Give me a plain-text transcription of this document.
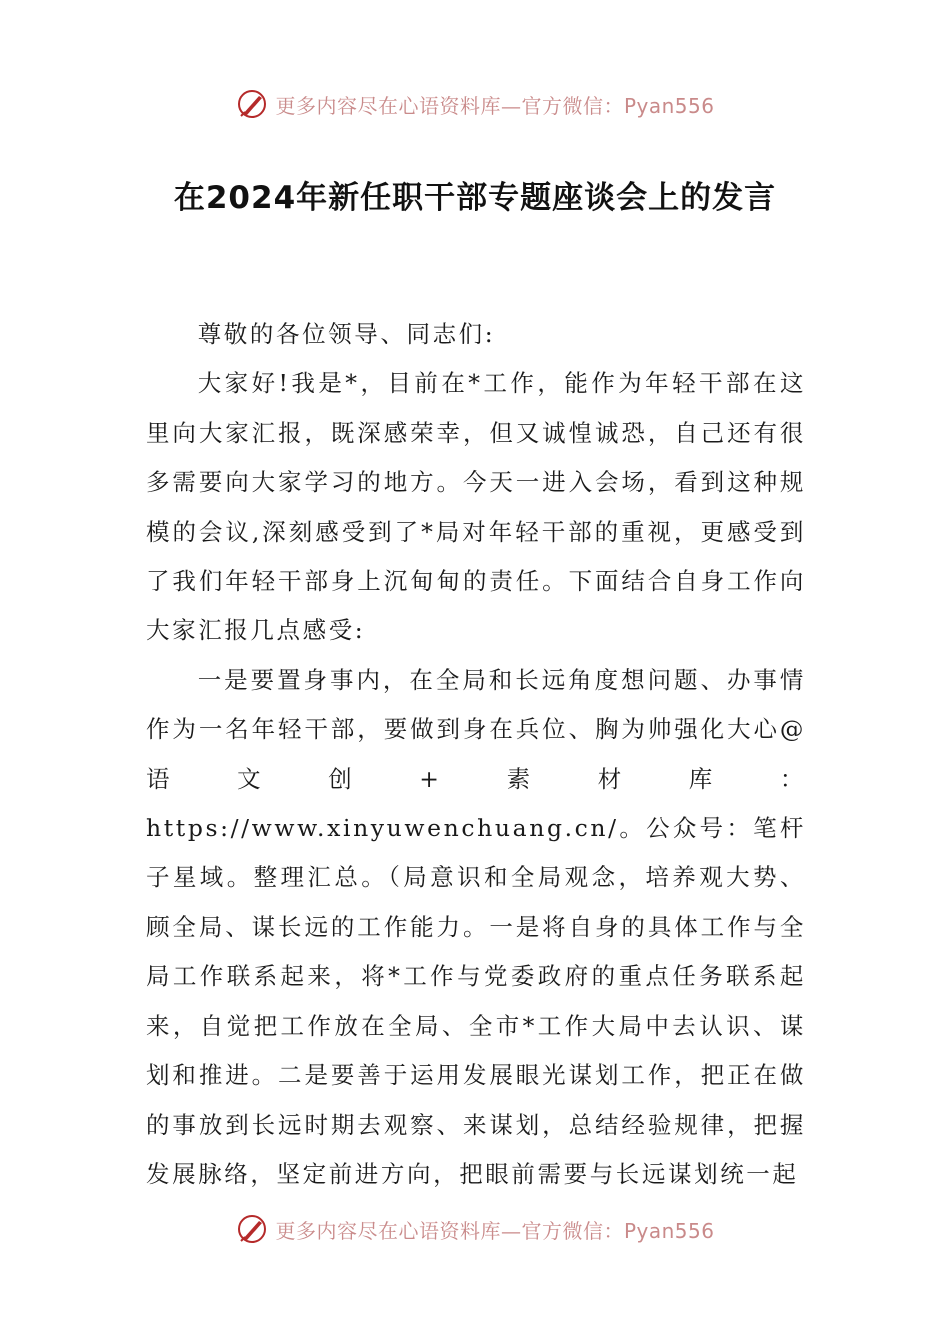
更多内容尽在心语资料库—官方微信：Pyan556
在2024年新任职干部专题座谈会上的发言

尊敬的各位领导、同志们:

大家好!我是*，目前在*工作，能作为年轻干部在这里向大家汇报，既深感荣幸，但又诚惶诚恐，自己还有很多需要向大家学习的地方。今天一进入会场，看到这种规模的会议,深刻感受到了*局对年轻干部的重视，更感受到了我们年轻干部身上沉甸甸的责任。下面结合自身工作向大家汇报几点感受:

一是要置身事内，在全局和长远角度想问题、办事情作为一名年轻干部，要做到身在兵位、胸为帅强化大心@语文创+素材库：https://www.xinyuwenchuang.cn/。公众号：笔杆子星域。整理汇总。（局意识和全局观念，培养观大势、顾全局、谋长远的工作能力。一是将自身的具体工作与全局工作联系起来，将*工作与党委政府的重点任务联系起来，自觉把工作放在全局、全市*工作大局中去认识、谋划和推进。二是要善于运用发展眼光谋划工作，把正在做的事放到长远时期去观察、来谋划，总结经验规律，把握发展脉络，坚定前进方向，把眼前需要与长远谋划统一起

更多内容尽在心语资料库—官方微信：Pyan556
